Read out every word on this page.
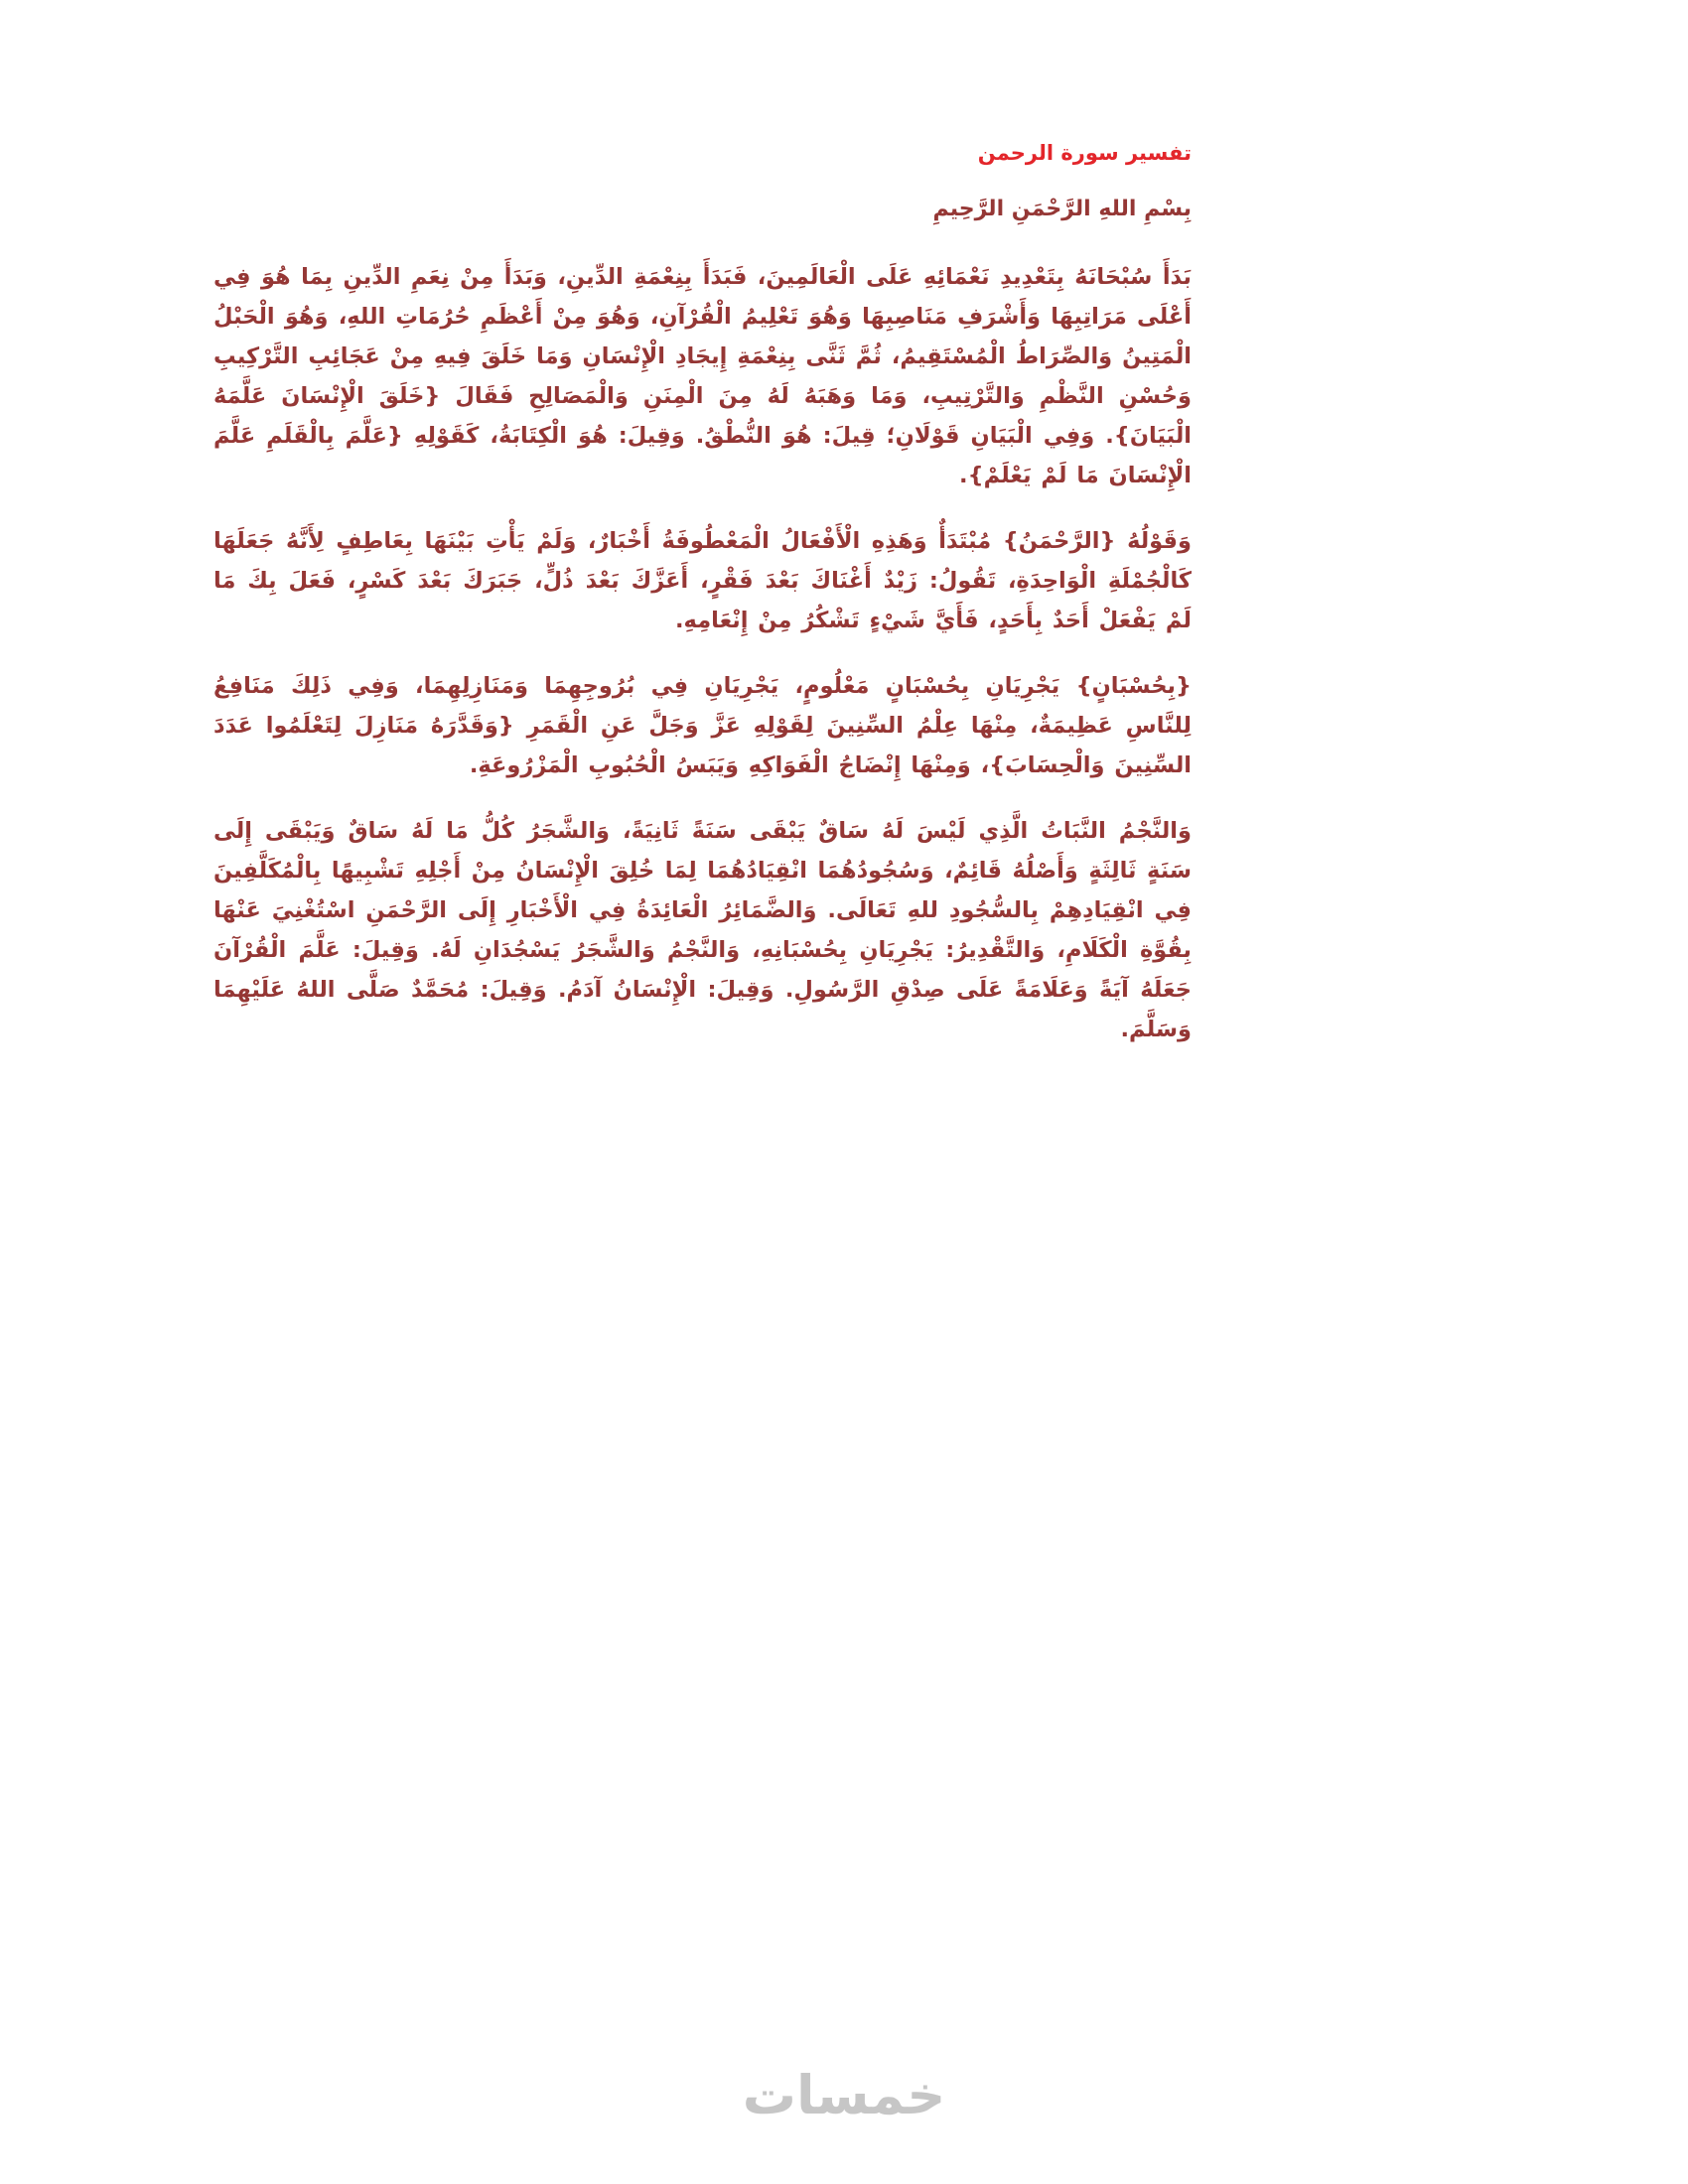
تفسير سورة الرحمن

بِسْمِ اللهِ الرَّحْمَنِ الرَّحِيمِ

بَدَأَ سُبْحَانَهُ بِتَعْدِيدِ نَعْمَائِهِ عَلَى الْعَالَمِينَ، فَبَدَأَ بِنِعْمَةِ الدِّينِ، وَبَدَأَ مِنْ نِعَمِ الدِّينِ بِمَا هُوَ فِي أَعْلَى مَرَاتِبِهَا وَأَشْرَفِ مَنَاصِبِهَا وَهُوَ تَعْلِيمُ الْقُرْآنِ، وَهُوَ مِنْ أَعْظَمِ حُرُمَاتِ اللهِ، وَهُوَ الْحَبْلُ الْمَتِينُ وَالصِّرَاطُ الْمُسْتَقِيمُ، ثُمَّ ثَنَّى بِنِعْمَةِ إِيجَادِ الْإِنْسَانِ وَمَا خَلَقَ فِيهِ مِنْ عَجَائِبِ التَّرْكِيبِ وَحُسْنِ النَّظْمِ وَالتَّرْتِيبِ، وَمَا وَهَبَهُ لَهُ مِنَ الْمِنَنِ وَالْمَصَالِحِ فَقَالَ {خَلَقَ الْإِنْسَانَ عَلَّمَهُ الْبَيَانَ}. وَفِي الْبَيَانِ قَوْلَانِ؛ قِيلَ: هُوَ النُّطْقُ. وَقِيلَ: هُوَ الْكِتَابَةُ، كَقَوْلِهِ {عَلَّمَ بِالْقَلَمِ عَلَّمَ الْإِنْسَانَ مَا لَمْ يَعْلَمْ}.

وَقَوْلُهُ {الرَّحْمَنُ} مُبْتَدَأٌ وَهَذِهِ الْأَفْعَالُ الْمَعْطُوفَةُ أَخْبَارٌ، وَلَمْ يَأْتِ بَيْنَهَا بِعَاطِفٍ لِأَنَّهُ جَعَلَهَا كَالْجُمْلَةِ الْوَاحِدَةِ، تَقُولُ: زَيْدٌ أَغْنَاكَ بَعْدَ فَقْرٍ، أَعَزَّكَ بَعْدَ ذُلٍّ، جَبَرَكَ بَعْدَ كَسْرٍ، فَعَلَ بِكَ مَا لَمْ يَفْعَلْ أَحَدٌ بِأَحَدٍ، فَأَيَّ شَيْءٍ تَشْكُرُ مِنْ إِنْعَامِهِ.

{بِحُسْبَانٍ} يَجْرِيَانِ بِحُسْبَانٍ مَعْلُومٍ، يَجْرِيَانِ فِي بُرُوجِهِمَا وَمَنَازِلِهِمَا، وَفِي ذَلِكَ مَنَافِعُ لِلنَّاسِ عَظِيمَةٌ، مِنْهَا عِلْمُ السِّنِينَ لِقَوْلِهِ عَزَّ وَجَلَّ عَنِ الْقَمَرِ {وَقَدَّرَهُ مَنَازِلَ لِتَعْلَمُوا عَدَدَ السِّنِينَ وَالْحِسَابَ}، وَمِنْهَا إِنْضَاجُ الْفَوَاكِهِ وَيَبَسُ الْحُبُوبِ الْمَزْرُوعَةِ.

وَالنَّجْمُ النَّبَاتُ الَّذِي لَيْسَ لَهُ سَاقٌ يَبْقَى سَنَةً ثَانِيَةً، وَالشَّجَرُ كُلُّ مَا لَهُ سَاقٌ وَيَبْقَى إِلَى سَنَةٍ ثَالِثَةٍ وَأَصْلُهُ قَائِمٌ، وَسُجُودُهُمَا انْقِيَادُهُمَا لِمَا خُلِقَ الْإِنْسَانُ مِنْ أَجْلِهِ تَشْبِيهًا بِالْمُكَلَّفِينَ فِي انْقِيَادِهِمْ بِالسُّجُودِ للهِ تَعَالَى. وَالضَّمَائِرُ الْعَائِدَةُ فِي الْأَخْبَارِ إِلَى الرَّحْمَنِ اسْتُغْنِيَ عَنْهَا بِقُوَّةِ الْكَلَامِ، وَالتَّقْدِيرُ: يَجْرِيَانِ بِحُسْبَانِهِ، وَالنَّجْمُ وَالشَّجَرُ يَسْجُدَانِ لَهُ. وَقِيلَ: عَلَّمَ الْقُرْآنَ جَعَلَهُ آيَةً وَعَلَامَةً عَلَى صِدْقِ الرَّسُولِ. وَقِيلَ: الْإِنْسَانُ آدَمُ. وَقِيلَ: مُحَمَّدٌ صَلَّى اللهُ عَلَيْهِمَا وَسَلَّمَ.

خمسات
